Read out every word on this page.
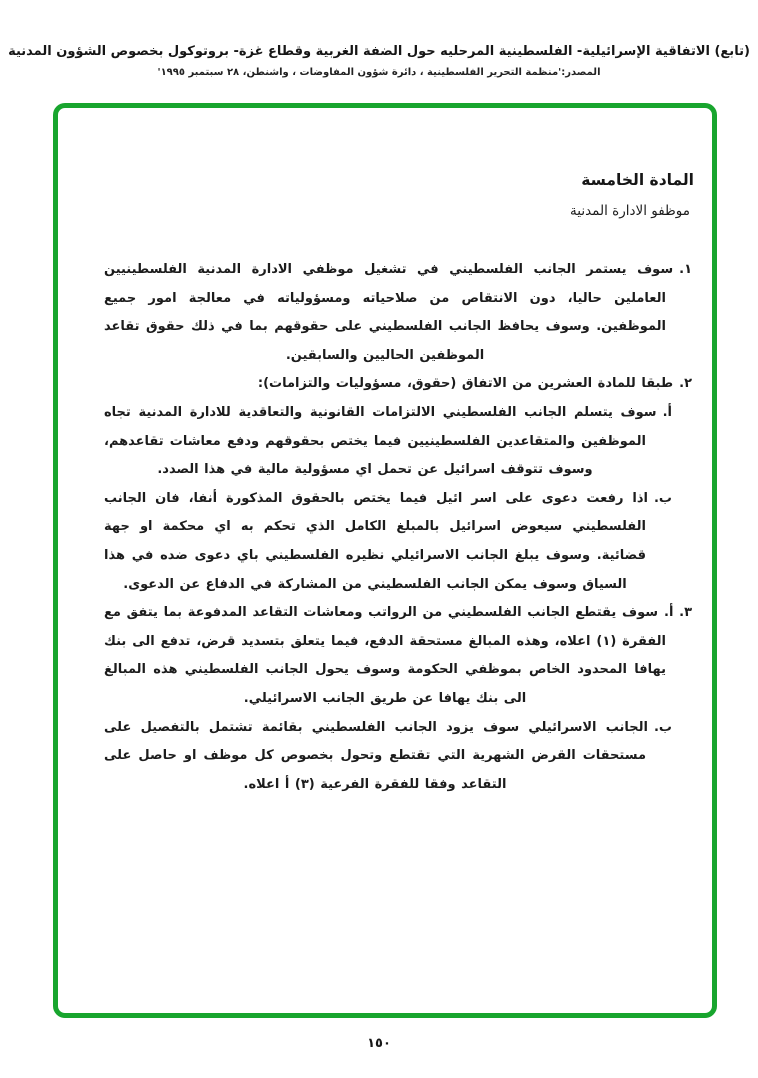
(تابع) الاتفاقية الإسرائيلية- الفلسطينية المرحليه حول الضفة الغربية وقطاع غزة- بروتوكول بخصوص الشؤون المدنية
المصدر:'منظمة التحرير الفلسطينية ، دائرة شؤون المفاوضات ، واشنطن، ٢٨ سبتمبر ١٩٩٥'
المادة الخامسة
موظفو الادارة المدنية
١.سوف يستمر الجانب الفلسطيني في تشغيل موظفي الادارة المدنية الفلسطينيين العاملين حاليا، دون الانتقاص من صلاحياته ومسؤولياته في معالجة امور جميع الموظفين. وسوف يحافظ الجانب الفلسطيني على حقوقهم بما في ذلك حقوق تقاعد الموظفين الحاليين والسابقين.
٢.طبقا للمادة العشرين من الاتفاق (حقوق، مسؤوليات والتزامات):
أ.سوف يتسلم الجانب الفلسطيني الالتزامات القانونية والتعاقدية للادارة المدنية تجاه الموظفين والمتقاعدين الفلسطينيين فيما يختص بحقوقهم ودفع معاشات تقاعدهم، وسوف تتوقف اسرائيل عن تحمل اي مسؤولية مالية في هذا الصدد.
ب.اذا رفعت دعوى على اسر ائيل فيما يختص بالحقوق المذكورة أنفا، فان الجانب الفلسطيني سيعوض اسرائيل بالمبلغ الكامل الذي تحكم به اي محكمة او جهة قضائية. وسوف يبلغ الجانب الاسرائيلي نظيره الفلسطيني باي دعوى ضده في هذا السياق وسوف يمكن الجانب الفلسطيني من المشاركة في الدفاع عن الدعوى.
٣. أ.سوف يقتطع الجانب الفلسطيني من الرواتب ومعاشات التقاعد المدفوعة بما يتفق مع الفقرة (١) اعلاه، وهذه المبالغ مستحقة الدفع، فيما يتعلق بتسديد قرض، تدفع الى بنك يهافا المحدود الخاص بموظفي الحكومة وسوف يحول الجانب الفلسطيني هذه المبالغ الى بنك يهافا عن طريق الجانب الاسرائيلي.
ب.الجانب الاسرائيلي سوف يزود الجانب الفلسطيني بقائمة تشتمل بالتفصيل على مستحقات القرض الشهرية التي تقتطع وتحول بخصوص كل موظف او حاصل على التقاعد وفقا للفقرة الفرعية (٣) أ اعلاه.
١٥٠
